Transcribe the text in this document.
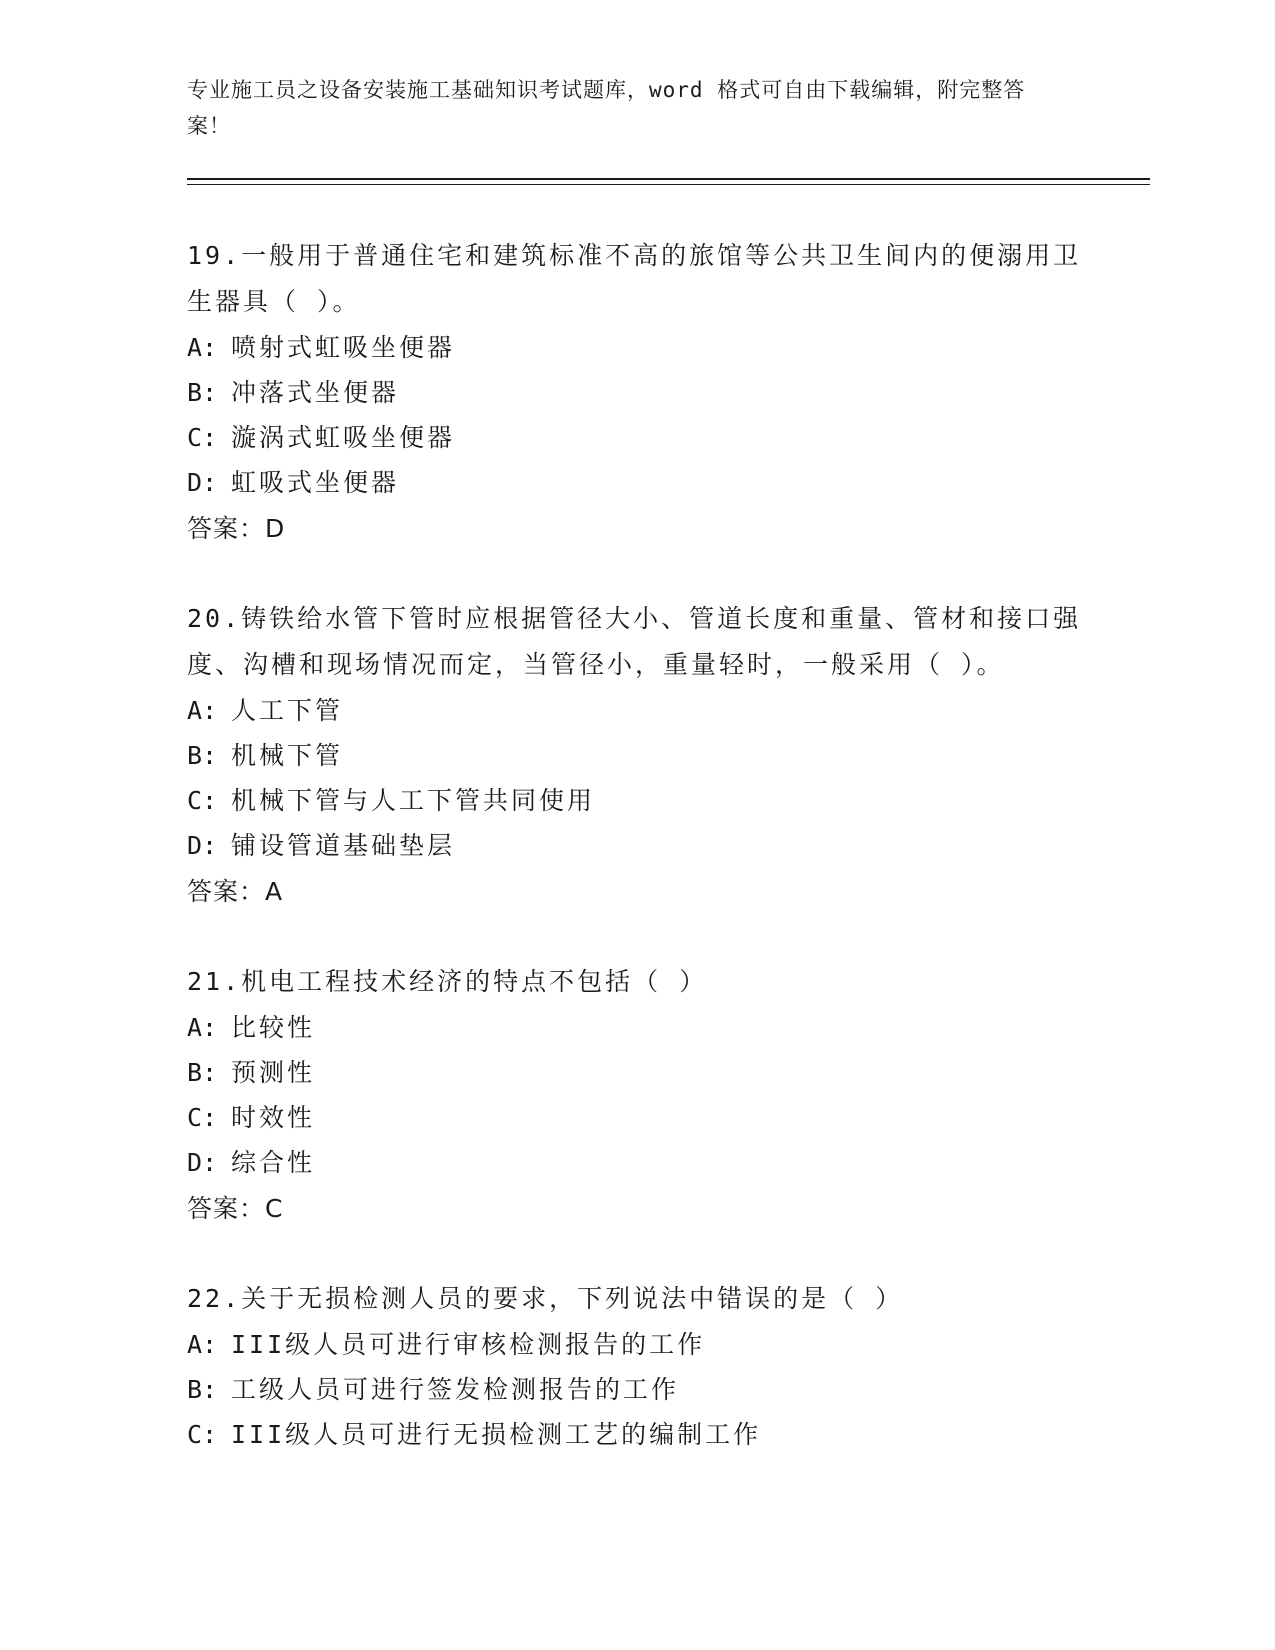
专业施工员之设备安装施工基础知识考试题库，word 格式可自由下载编辑，附完整答案！
19.一般用于普通住宅和建筑标准不高的旅馆等公共卫生间内的便溺用卫生器具（ ）。
A: 喷射式虹吸坐便器
B: 冲落式坐便器
C: 漩涡式虹吸坐便器
D: 虹吸式坐便器
答案：D
20.铸铁给水管下管时应根据管径大小、管道长度和重量、管材和接口强度、沟槽和现场情况而定，当管径小，重量轻时，一般采用（ ）。
A: 人工下管
B: 机械下管
C: 机械下管与人工下管共同使用
D: 铺设管道基础垫层
答案：A
21.机电工程技术经济的特点不包括（ ）
A: 比较性
B: 预测性
C: 时效性
D: 综合性
答案：C
22.关于无损检测人员的要求，下列说法中错误的是（ ）
A: III级人员可进行审核检测报告的工作
B: 工级人员可进行签发检测报告的工作
C: III级人员可进行无损检测工艺的编制工作
